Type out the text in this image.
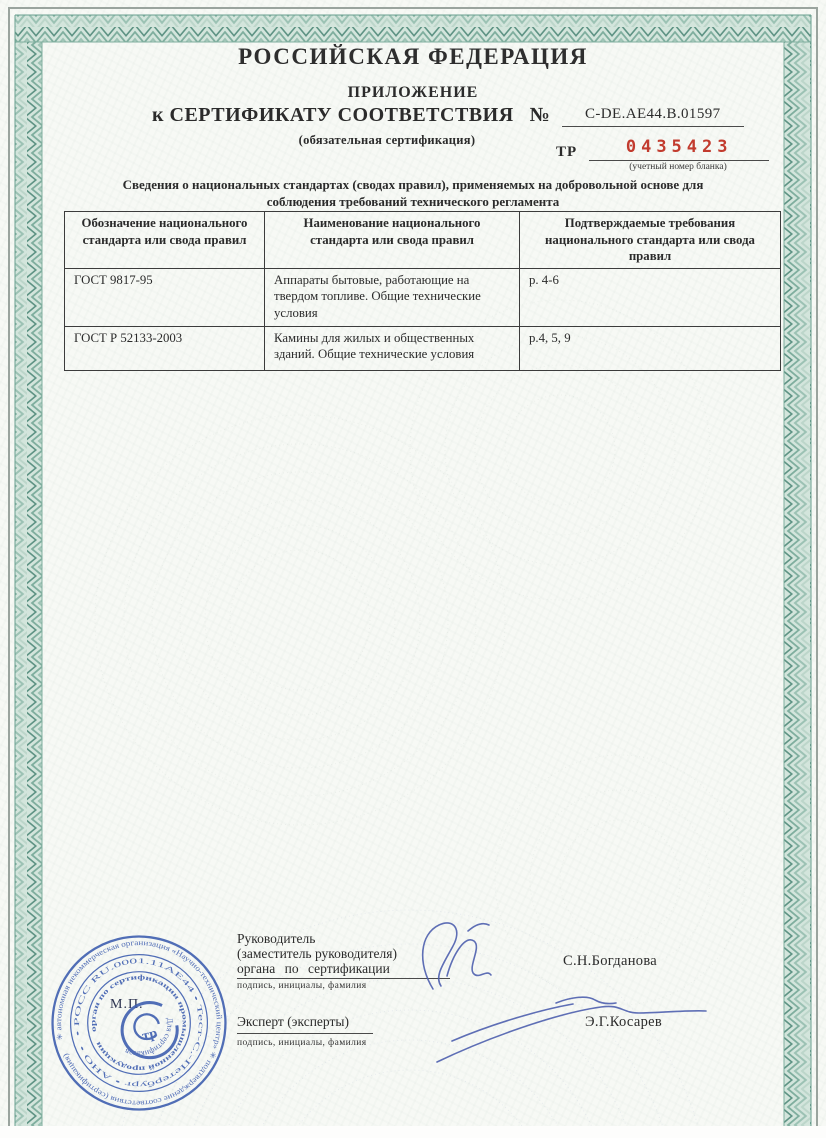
РОССИЙСКАЯ ФЕДЕРАЦИЯ
ПРИЛОЖЕНИЕ
к СЕРТИФИКАТУ СООТВЕТСТВИЯ №	C-DE.AE44.B.01597
(обязательная сертификация)
ТР	0435423
(учетный номер бланка)
Сведения о национальных стандартах (сводах правил), применяемых на добровольной основе для соблюдения требований технического регламента
Обозначение национального стандарта или свода правил	Наименование национального стандарта или свода правил	Подтверждаемые требования национального стандарта или свода правил
ГОСТ 9817-95	Аппараты бытовые, работающие на твердом топливе. Общие технические условия	р. 4-6
ГОСТ Р 52133-2003	Камины для жилых и общественных зданий. Общие технические условия	р.4, 5, 9
Руководитель
(заместитель руководителя)
органа по сертификации
подпись, инициалы, фамилия
С.Н.Богданова
Эксперт (эксперты)
подпись, инициалы, фамилия
Э.Г.Косарев
М.П.
✳ автономная некоммерческая организация «Научно-технический центр» ✳ подтверждение соответствия (сертификация)
• РОСС RU.0001.11АЕ44 • Тест-С.-Петербург • АНО •
орган по сертификации промышленной продукции
Для сертификатов
тр
